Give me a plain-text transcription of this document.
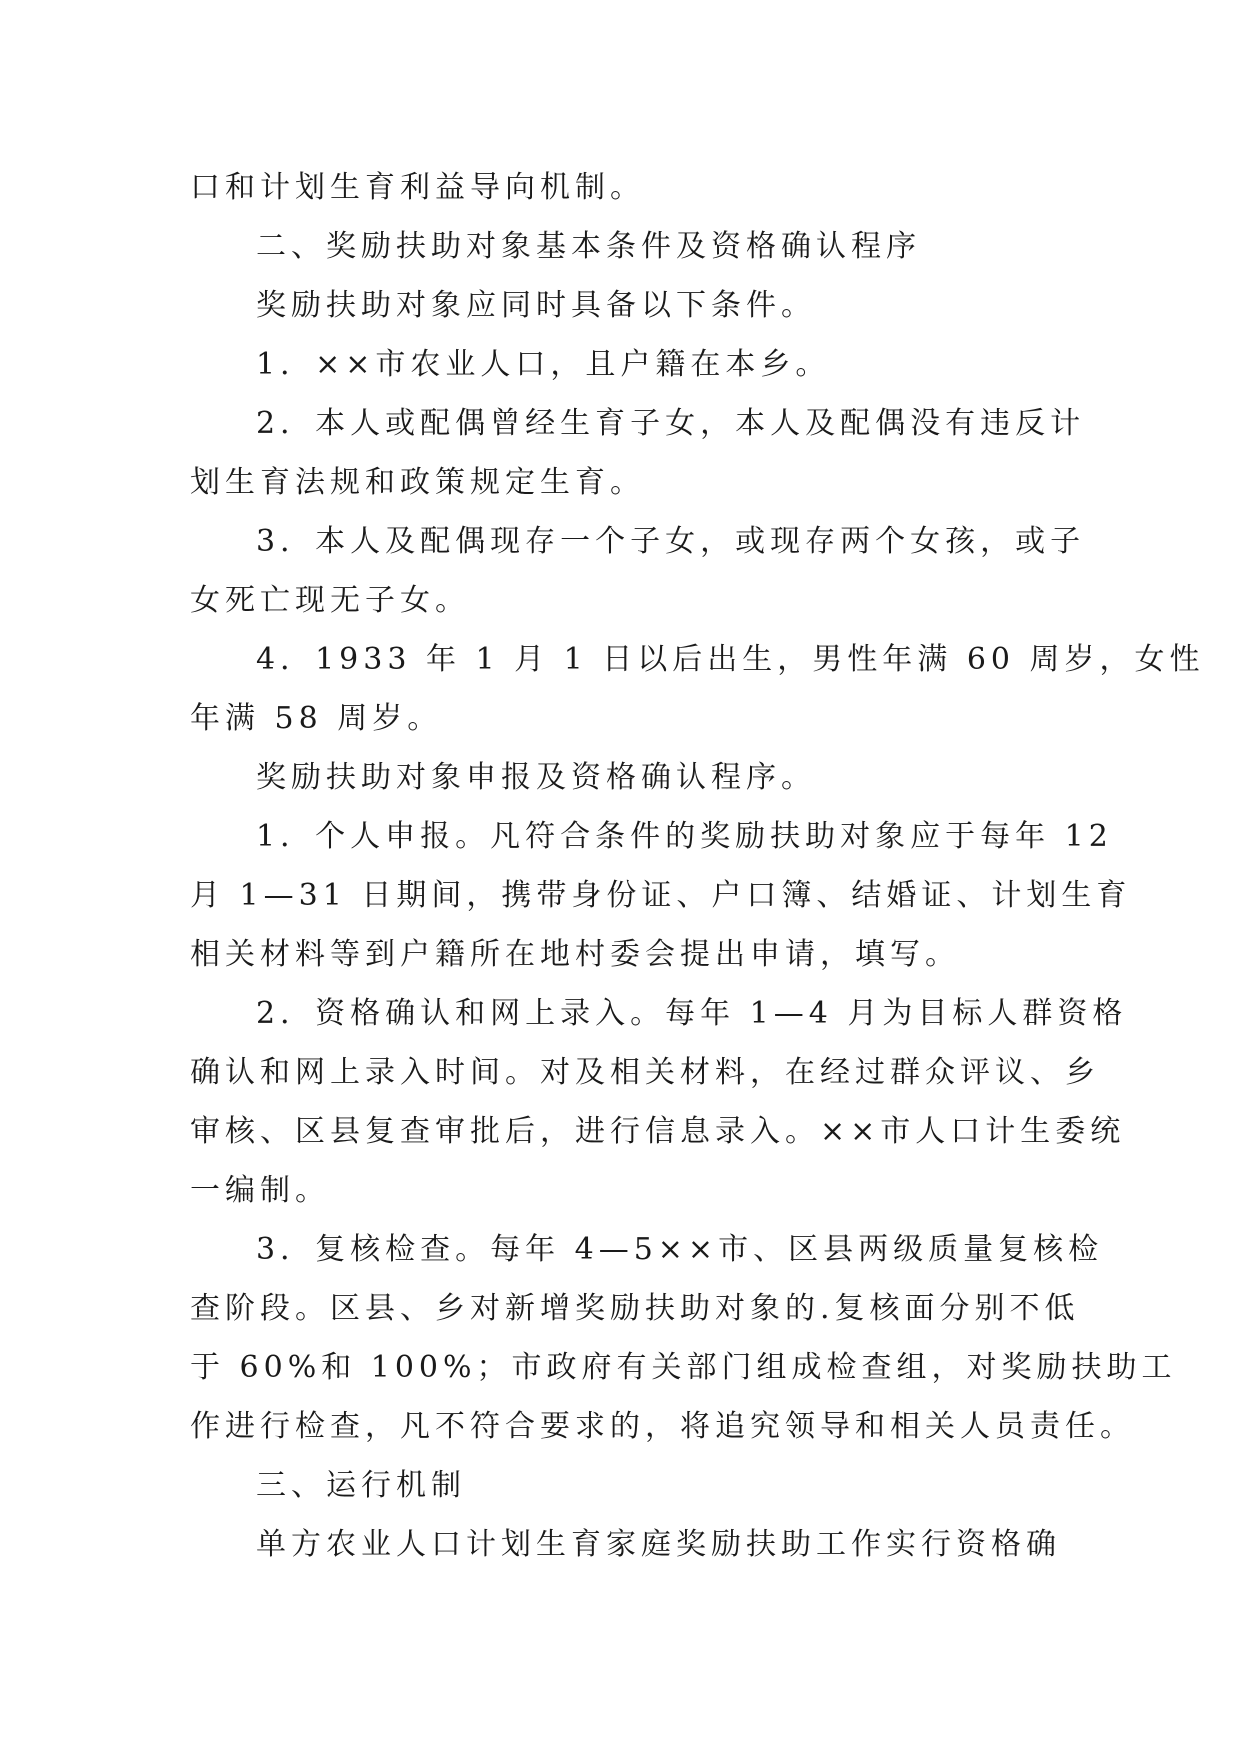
口和计划生育利益导向机制。
二、奖励扶助对象基本条件及资格确认程序
奖励扶助对象应同时具备以下条件。
1．××市农业人口，且户籍在本乡。
2．本人或配偶曾经生育子女，本人及配偶没有违反计
划生育法规和政策规定生育。
3．本人及配偶现存一个子女，或现存两个女孩，或子
女死亡现无子女。
4．1933 年 1 月 1 日以后出生，男性年满 60 周岁，女性
年满 58 周岁。
奖励扶助对象申报及资格确认程序。
1．个人申报。凡符合条件的奖励扶助对象应于每年 12
月 1—31 日期间，携带身份证、户口簿、结婚证、计划生育
相关材料等到户籍所在地村委会提出申请，填写。
2．资格确认和网上录入。每年 1—4 月为目标人群资格
确认和网上录入时间。对及相关材料，在经过群众评议、乡
审核、区县复查审批后，进行信息录入。××市人口计生委统
一编制。
3．复核检查。每年 4—5××市、区县两级质量复核检
查阶段。区县、乡对新增奖励扶助对象的.复核面分别不低
于 60%和 100%；市政府有关部门组成检查组，对奖励扶助工
作进行检查，凡不符合要求的，将追究领导和相关人员责任。
三、运行机制
单方农业人口计划生育家庭奖励扶助工作实行资格确
